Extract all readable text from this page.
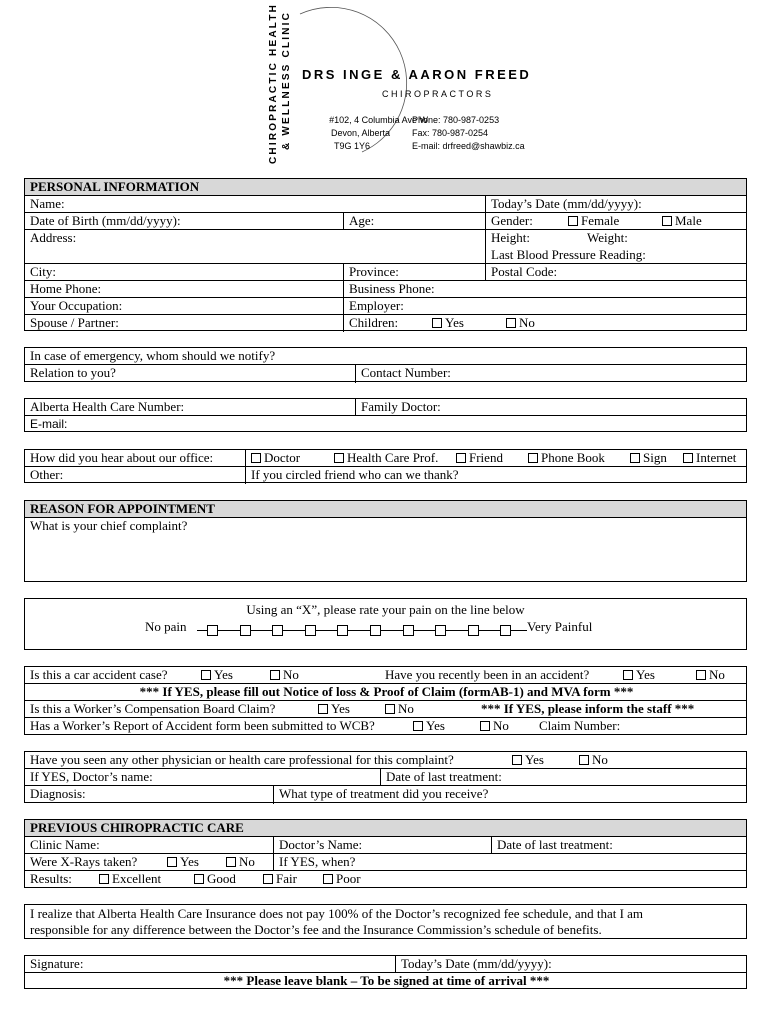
CHIROPRACTIC HEALTH & WELLNESS CLINIC DRS INGE & AARON FREED
CHIROPRACTORS
#102, 4 Columbia Ave W
Devon, Alberta
T9G 1Y6
Phone: 780-987-0253
Fax: 780-987-0254
E-mail: drfreed@shawbiz.ca
PERSONAL INFORMATION
Name:	Today’s Date (mm/dd/yyyy):
Date of Birth (mm/dd/yyyy):	Age:	Gender:	Female	Male
Address:	Height:	Weight:
Last Blood Pressure Reading:
City:	Province:	Postal Code:
Home Phone:	Business Phone:
Your Occupation:	Employer:
Spouse / Partner:	Children:	Yes	No
In case of emergency, whom should we notify?
Relation to you?	Contact Number:
Alberta Health Care Number:	Family Doctor:
E-mail:
How did you hear about our office:	Doctor	Health Care Prof.	Friend	Phone Book	Sign	Internet
Other:	If you circled friend who can we thank?
REASON FOR APPOINTMENT
What is your chief complaint?
Using an “X”, please rate your pain on the line below
No pain	Very Painful
Is this a car accident case?	Yes	No	Have you recently been in an accident?	Yes	No
*** If YES, please fill out Notice of loss & Proof of Claim (formAB-1) and MVA form ***
Is this a Worker’s Compensation Board Claim?	Yes	No	*** If YES, please inform the staff ***
Has a Worker’s Report of Accident form been submitted to WCB?	Yes	No Claim Number:
Have you seen any other physician or health care professional for this complaint?	Yes	No
If YES, Doctor’s name:	Date of last treatment:
Diagnosis:	What type of treatment did you receive?
PREVIOUS CHIROPRACTIC CARE
Clinic Name:	Doctor’s Name:	Date of last treatment:
Were X-Rays taken?	Yes	No	If YES, when?
Results:	Excellent	Good	Fair	Poor
I realize that Alberta Health Care Insurance does not pay 100% of the Doctor’s recognized fee schedule, and that I am
responsible for any difference between the Doctor’s fee and the Insurance Commission’s schedule of benefits.
Signature:	Today’s Date (mm/dd/yyyy):
*** Please leave blank – To be signed at time of arrival ***
